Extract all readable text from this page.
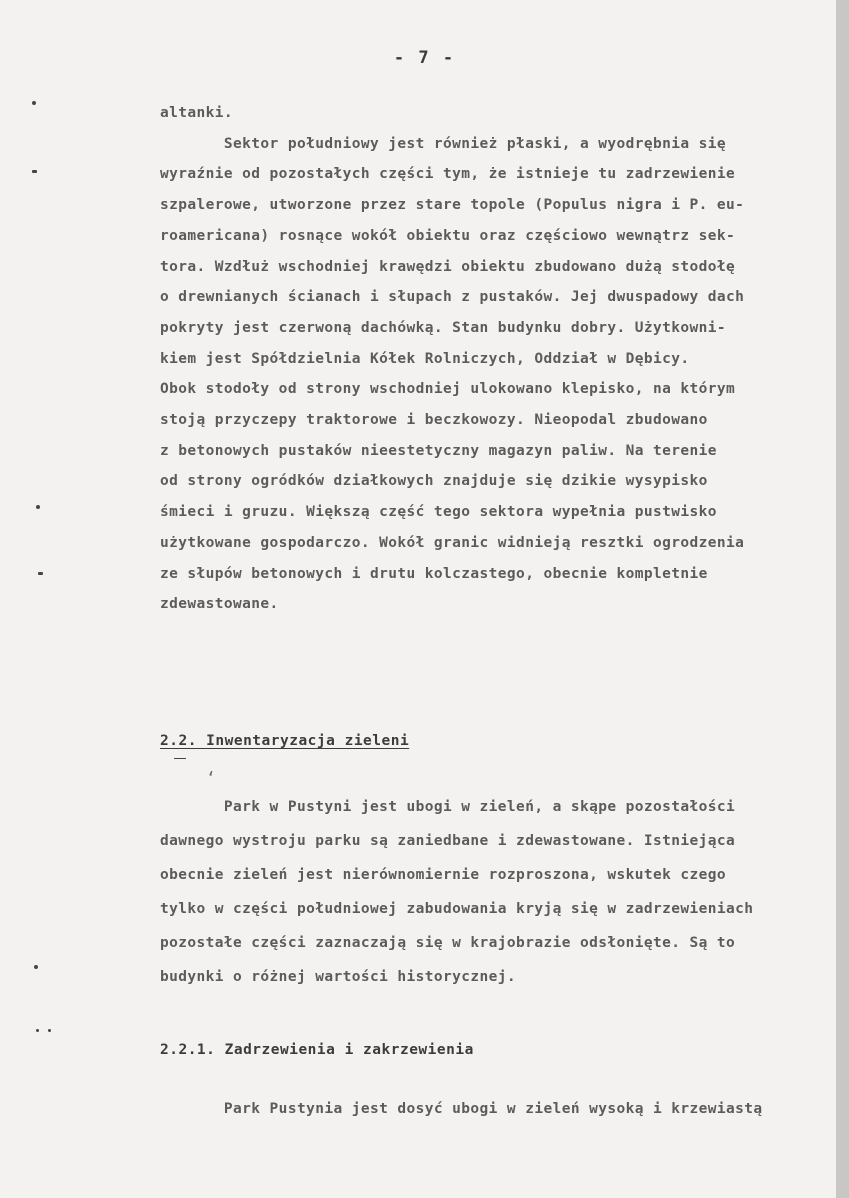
- 7 -
altanki.
Sektor południowy jest również płaski, a wyodrębnia się
wyraźnie od pozostałych części tym, że istnieje tu zadrzewienie
szpalerowe, utworzone przez stare topole (Populus nigra i P. eu-
roamericana) rosnące wokół obiektu oraz częściowo wewnątrz sek-
tora. Wzdłuż wschodniej krawędzi obiektu zbudowano dużą stodołę
o drewnianych ścianach i słupach z pustaków. Jej dwuspadowy dach
pokryty jest czerwoną dachówką. Stan budynku dobry. Użytkowni-
kiem jest Spółdzielnia Kółek Rolniczych, Oddział w Dębicy.
Obok stodoły od strony wschodniej ulokowano klepisko, na którym
stoją przyczepy traktorowe i beczkowozy. Nieopodal zbudowano
z betonowych pustaków nieestetyczny magazyn paliw. Na terenie
od strony ogródków działkowych znajduje się dzikie wysypisko
śmieci i gruzu. Większą część tego sektora wypełnia pustwisko
użytkowane gospodarczo. Wokół granic widnieją resztki ogrodzenia
ze słupów betonowych i drutu kolczastego, obecnie kompletnie
zdewastowane.
2.2. Inwentaryzacja zieleni
‘
Park w Pustyni jest ubogi w zieleń, a skąpe pozostałości
dawnego wystroju parku są zaniedbane i zdewastowane. Istniejąca
obecnie zieleń jest nierównomiernie rozproszona, wskutek czego
tylko w części południowej zabudowania kryją się w zadrzewieniach
pozostałe części zaznaczają się w krajobrazie odsłonięte. Są to
budynki o różnej wartości historycznej.
2.2.1. Zadrzewienia i zakrzewienia
Park Pustynia jest dosyć ubogi w zieleń wysoką i krzewiastą
